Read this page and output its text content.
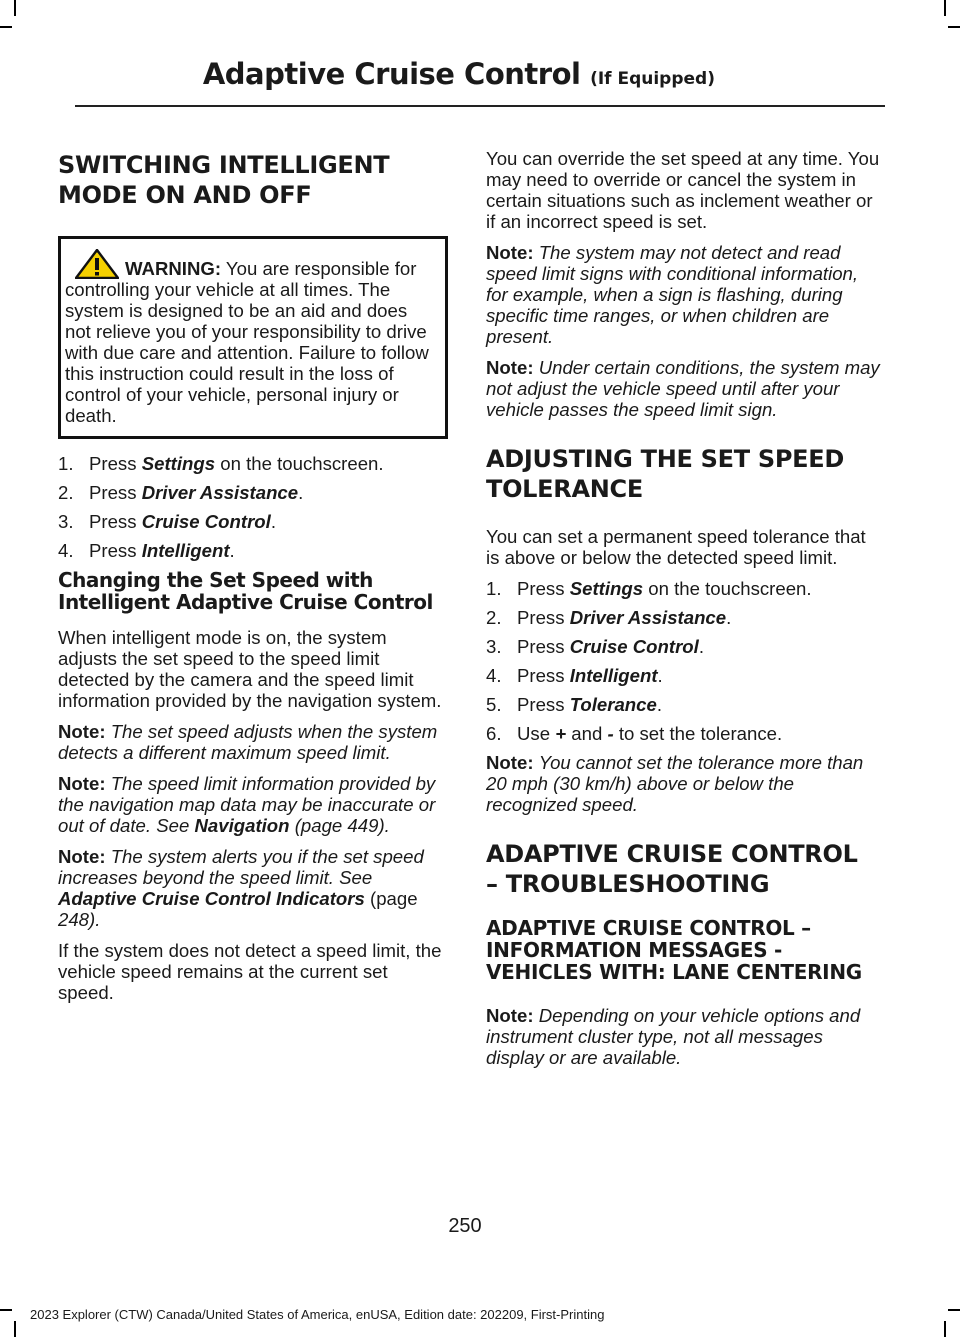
Adaptive Cruise Control (If Equipped)
SWITCHING INTELLIGENT
MODE ON AND OFF

WARNING: You are responsible for controlling your vehicle at all times. The system is designed to be an aid and does not relieve you of your responsibility to drive with due care and attention. Failure to follow this instruction could result in the loss of control of your vehicle, personal injury or death.

1. Press Settings on the touchscreen.
2. Press Driver Assistance.
3. Press Cruise Control.
4. Press Intelligent.
Changing the Set Speed with Intelligent Adaptive Cruise Control

When intelligent mode is on, the system adjusts the set speed to the speed limit detected by the camera and the speed limit information provided by the navigation system.

Note: The set speed adjusts when the system detects a different maximum speed limit.

Note: The speed limit information provided by the navigation map data may be inaccurate or out of date. See Navigation (page 449).

Note: The system alerts you if the set speed increases beyond the speed limit. See Adaptive Cruise Control Indicators (page 248).

If the system does not detect a speed limit, the vehicle speed remains at the current set speed.

You can override the set speed at any time. You may need to override or cancel the system in certain situations such as inclement weather or if an incorrect speed is set.

Note: The system may not detect and read speed limit signs with conditional information, for example, when a sign is flashing, during specific time ranges, or when children are present.

Note: Under certain conditions, the system may not adjust the vehicle speed until after your vehicle passes the speed limit sign.

ADJUSTING THE SET SPEED
TOLERANCE

You can set a permanent speed tolerance that is above or below the detected speed limit.

1. Press Settings on the touchscreen.
2. Press Driver Assistance.
3. Press Cruise Control.
4. Press Intelligent.
5. Press Tolerance.
6. Use + and - to set the tolerance.

Note: You cannot set the tolerance more than 20 mph (30 km/h) above or below the recognized speed.

ADAPTIVE CRUISE CONTROL
– TROUBLESHOOTING
ADAPTIVE CRUISE CONTROL – INFORMATION MESSAGES - VEHICLES WITH: LANE CENTERING

Note: Depending on your vehicle options and instrument cluster type, not all messages display or are available.

250
2023 Explorer (CTW) Canada/United States of America, enUSA, Edition date: 202209, First-Printing
